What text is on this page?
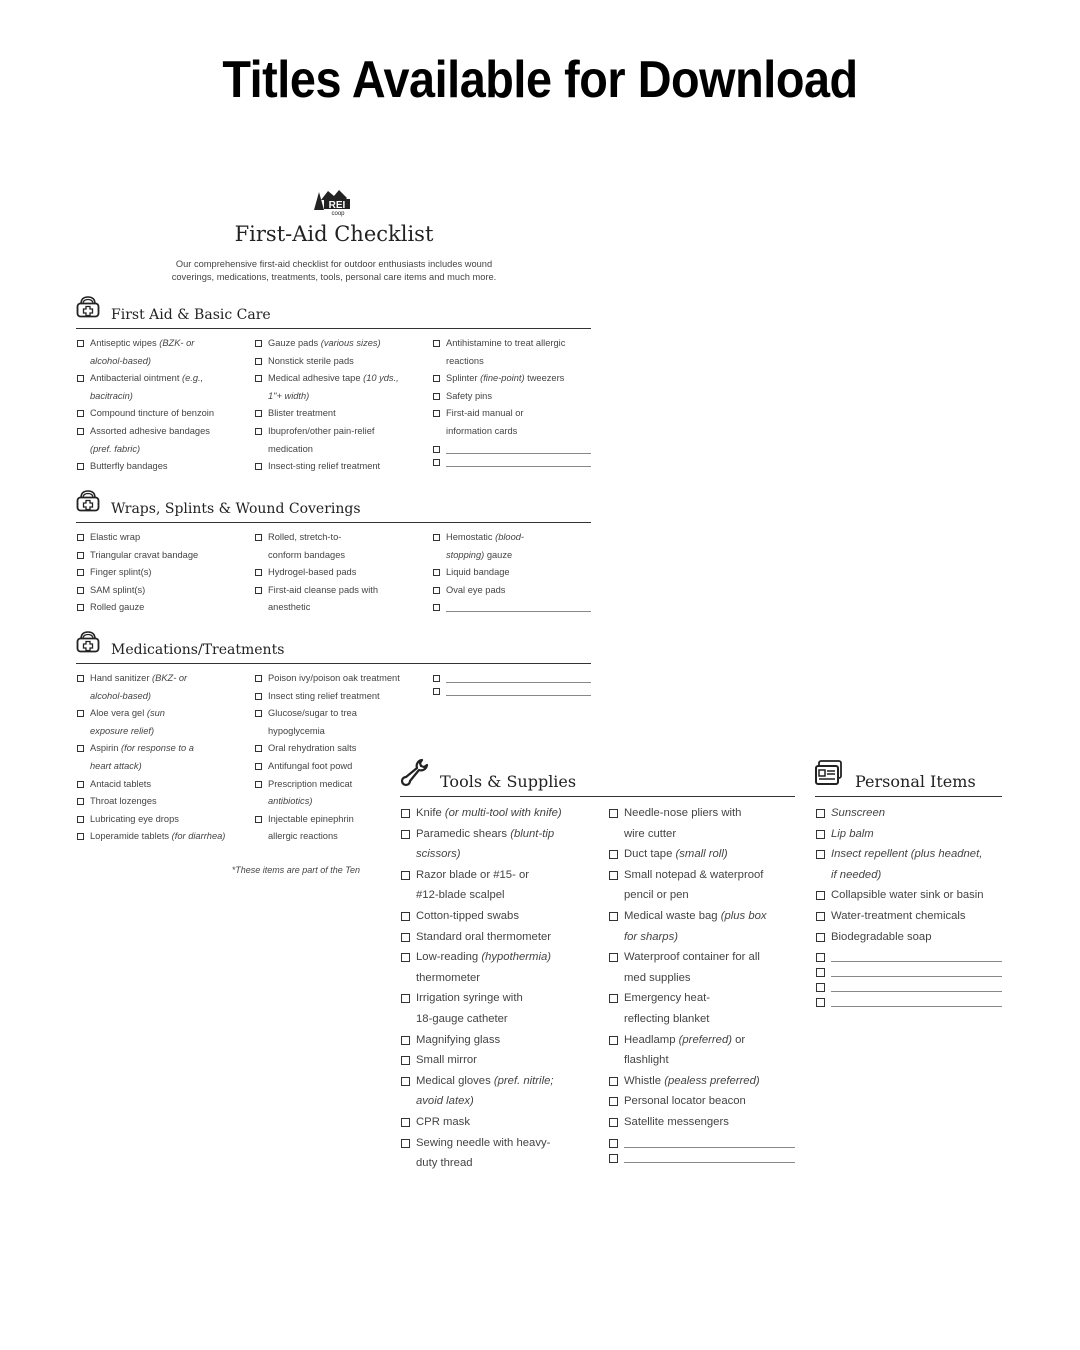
Titles Available for Download
REI
coop
First-Aid Checklist
Our comprehensive first-aid checklist for outdoor enthusiasts includes wound
coverings, medications, treatments, tools, personal care items and much more.
First Aid & Basic Care
Antiseptic wipes (BZK- or
alcohol-based)
Antibacterial ointment (e.g.,
bacitracin)
Compound tincture of benzoin
Assorted adhesive bandages
(pref. fabric)
Butterfly bandages
Gauze pads (various sizes)
Nonstick sterile pads
Medical adhesive tape (10 yds.,
1"+ width)
Blister treatment
Ibuprofen/other pain-relief
medication
Insect-sting relief treatment
Antihistamine to treat allergic
reactions
Splinter (fine-point) tweezers
Safety pins
First-aid manual or
information cards
Wraps, Splints & Wound Coverings
Elastic wrap
Triangular cravat bandage
Finger splint(s)
SAM splint(s)
Rolled gauze
Rolled, stretch-to-
conform bandages
Hydrogel-based pads
First-aid cleanse pads with
anesthetic
Hemostatic (blood-
stopping) gauze
Liquid bandage
Oval eye pads
Medications/Treatments
Hand sanitizer (BKZ- or
alcohol-based)
Aloe vera gel (sun
exposure relief)
Aspirin (for response to a
heart attack)
Antacid tablets
Throat lozenges
Lubricating eye drops
Loperamide tablets (for diarrhea)
Poison ivy/poison oak treatment
Insect sting relief treatment
Glucose/sugar to trea
hypoglycemia
Oral rehydration salts
Antifungal foot powd
Prescription medicat
antibiotics)
Injectable epinephrin
allergic reactions
Tools & Supplies
Knife (or multi-tool with knife)
Paramedic shears (blunt-tip
scissors)
Razor blade or #15- or
#12-blade scalpel
Cotton-tipped swabs
Standard oral thermometer
Low-reading (hypothermia)
thermometer
Irrigation syringe with
18-gauge catheter
Magnifying glass
Small mirror
Medical gloves (pref. nitrile;
avoid latex)
CPR mask
Sewing needle with heavy-
duty thread
Needle-nose pliers with
wire cutter
Duct tape (small roll)
Small notepad & waterproof
pencil or pen
Medical waste bag (plus box
for sharps)
Waterproof container for all
med supplies
Emergency heat-
reflecting blanket
Headlamp (preferred) or
flashlight
Whistle (pealess preferred)
Personal locator beacon
Satellite messengers
Personal Items
Sunscreen
Lip balm
Insect repellent (plus headnet,
if needed)
Collapsible water sink or basin
Water-treatment chemicals
Biodegradable soap
*These items are part of the Ten
